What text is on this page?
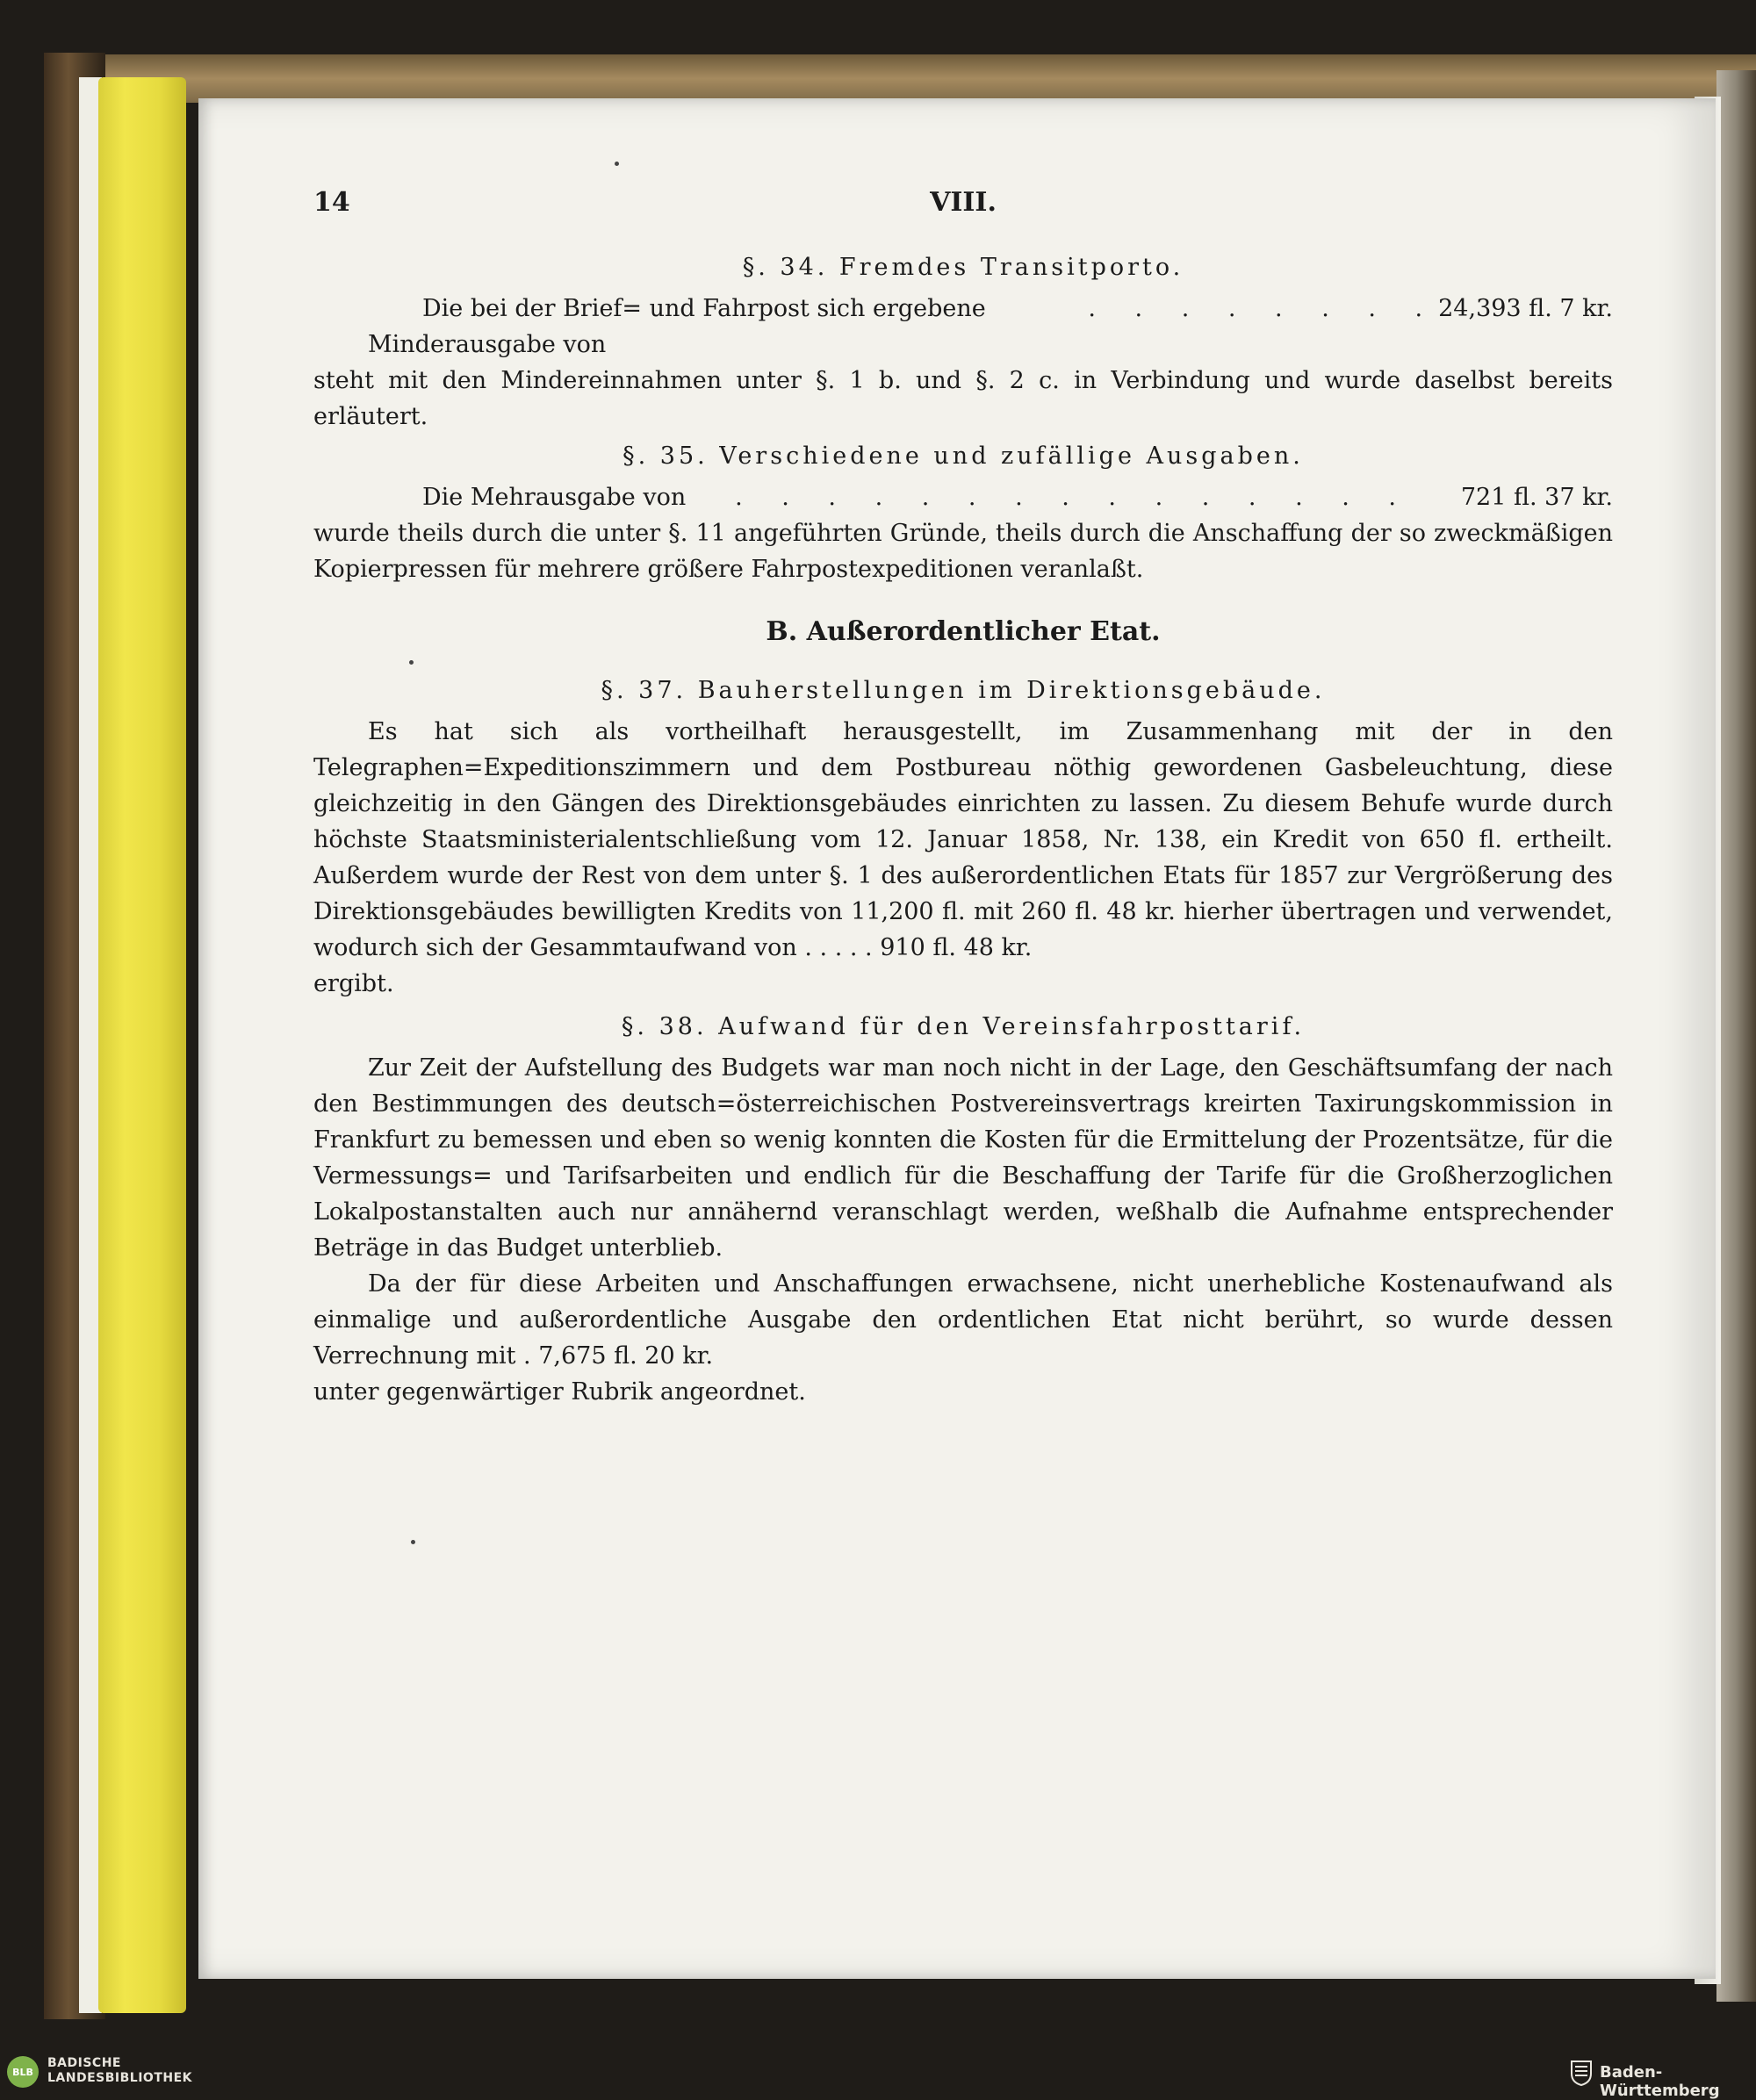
14	VIII.
§. 34. Fremdes Transitporto.
Die bei der Brief= und Fahrpost sich ergebene Minderausgabe von
. . . . . . . . 24,393 fl. 7 kr.

steht mit den Mindereinnahmen unter §. 1 b. und §. 2 c. in Verbindung und wurde daselbst bereits erläutert.

§. 35. Verschiedene und zufällige Ausgaben.
Die Mehrausgabe von	. . . . . . . . . . . . . . .	721 fl. 37 kr.

wurde theils durch die unter §. 11 angeführten Gründe, theils durch die Anschaffung der so zweckmäßigen Kopierpressen für mehrere größere Fahrpostexpeditionen veranlaßt.

B. Außerordentlicher Etat.
§. 37. Bauherstellungen im Direktionsgebäude.

Es hat sich als vortheilhaft herausgestellt, im Zusammenhang mit der in den Telegraphen=Expeditionszimmern und dem Postbureau nöthig gewordenen Gasbeleuchtung, diese gleichzeitig in den Gängen des Direktionsgebäudes einrichten zu lassen. Zu diesem Behufe wurde durch höchste Staatsministerialentschließung vom 12. Januar 1858, Nr. 138, ein Kredit von 650 fl. ertheilt. Außerdem wurde der Rest von dem unter §. 1 des außerordentlichen Etats für 1857 zur Vergrößerung des Direktionsgebäudes bewilligten Kredits von 11,200 fl. mit 260 fl. 48 kr. hierher übertragen und verwendet, wodurch sich der Gesammtaufwand von . . . . . 910 fl. 48 kr.

ergibt.

§. 38. Aufwand für den Vereinsfahrposttarif.

Zur Zeit der Aufstellung des Budgets war man noch nicht in der Lage, den Geschäftsumfang der nach den Bestimmungen des deutsch=österreichischen Postvereinsvertrags kreirten Taxirungskommission in Frankfurt zu bemessen und eben so wenig konnten die Kosten für die Ermittelung der Prozentsätze, für die Vermessungs= und Tarifsarbeiten und endlich für die Beschaffung der Tarife für die Großherzoglichen Lokalpostanstalten auch nur annähernd veranschlagt werden, weßhalb die Aufnahme entsprechender Beträge in das Budget unterblieb.

Da der für diese Arbeiten und Anschaffungen erwachsene, nicht unerhebliche Kostenaufwand als einmalige und außerordentliche Ausgabe den ordentlichen Etat nicht berührt, so wurde dessen Verrechnung mit . 7,675 fl. 20 kr.

unter gegenwärtiger Rubrik angeordnet.

BLB
BADISCHE
LANDESBIBLIOTHEK	Baden-Württemberg
